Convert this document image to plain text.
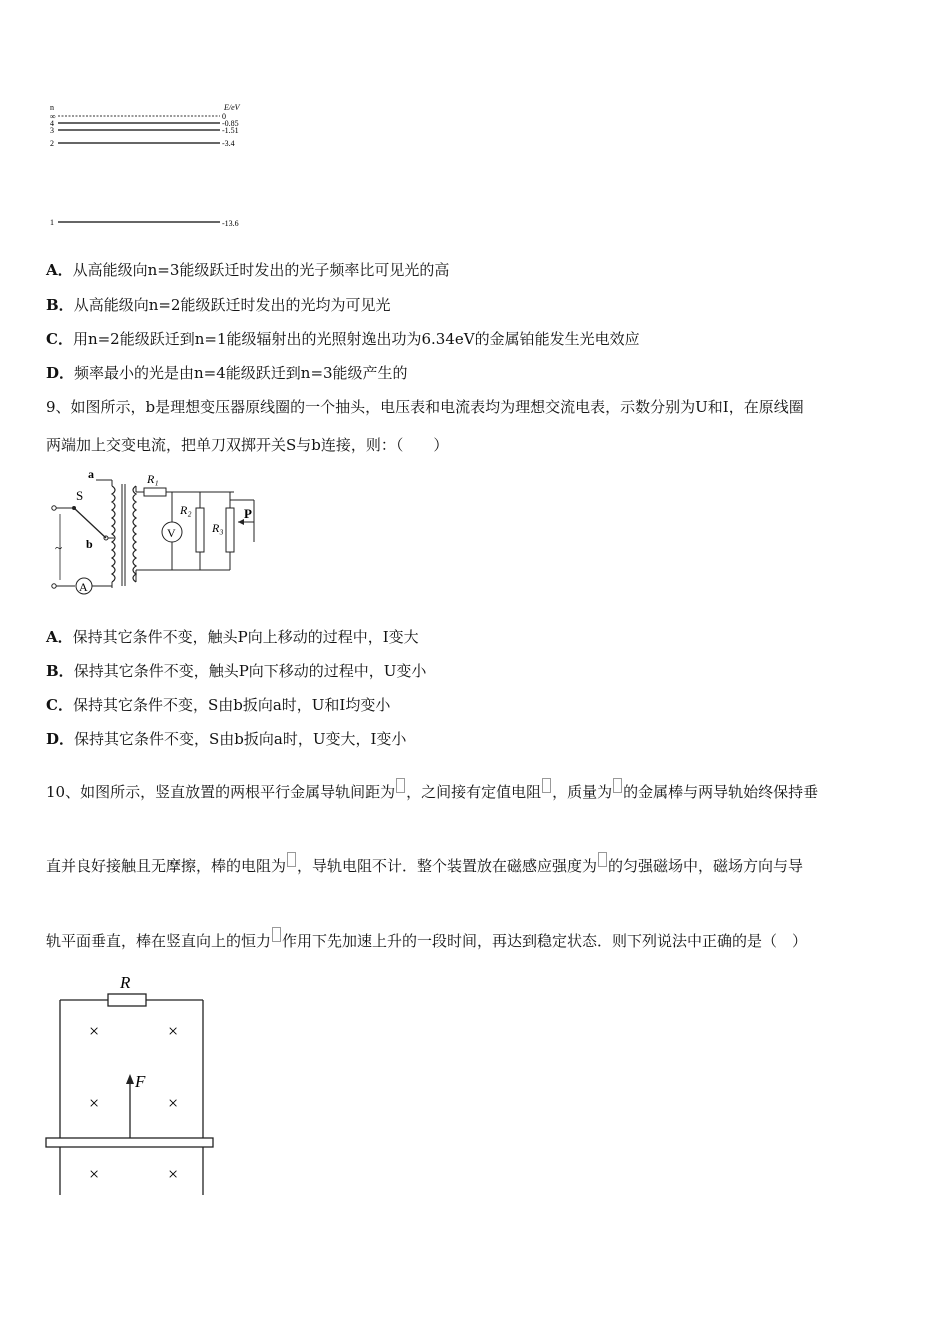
n	E/eV
∞	0
4	-0.85
3	-1.51
2	-3.4
1	-13.6
A．从高能级向n=3能级跃迁时发出的光子频率比可见光的高
B．从高能级向n=2能级跃迁时发出的光均为可见光
C．用n=2能级跃迁到n=1能级辐射出的光照射逸出功为6.34eV的金属铂能发生光电效应
D．频率最小的光是由n=4能级跃迁到n=3能级产生的
9、如图所示，b是理想变压器原线圈的一个抽头，电压表和电流表均为理想交流电表，示数分别为U和I，在原线圈
两端加上交变电流，把单刀双掷开关S与b连接，则：（　　）
S
a
b
~
A
R₁
V
R₂
R₃
P
A．保持其它条件不变，触头P向上移动的过程中，I变大
B．保持其它条件不变，触头P向下移动的过程中，U变小
C．保持其它条件不变，S由b扳向a时，U和I均变小
D．保持其它条件不变，S由b扳向a时，U变大，I变小
10、如图所示，竖直放置的两根平行金属导轨间距为 ，之间接有定值电阻 ，质量为 的金属棒与两导轨始终保持垂
直并良好接触且无摩擦，棒的电阻为 ，导轨电阻不计．整个装置放在磁感应强度为 的匀强磁场中，磁场方向与导
轨平面垂直，棒在竖直向上的恒力 作用下先加速上升的一段时间，再达到稳定状态．则下列说法中正确的是（　）
R
×	×
×	×
×	×
F
